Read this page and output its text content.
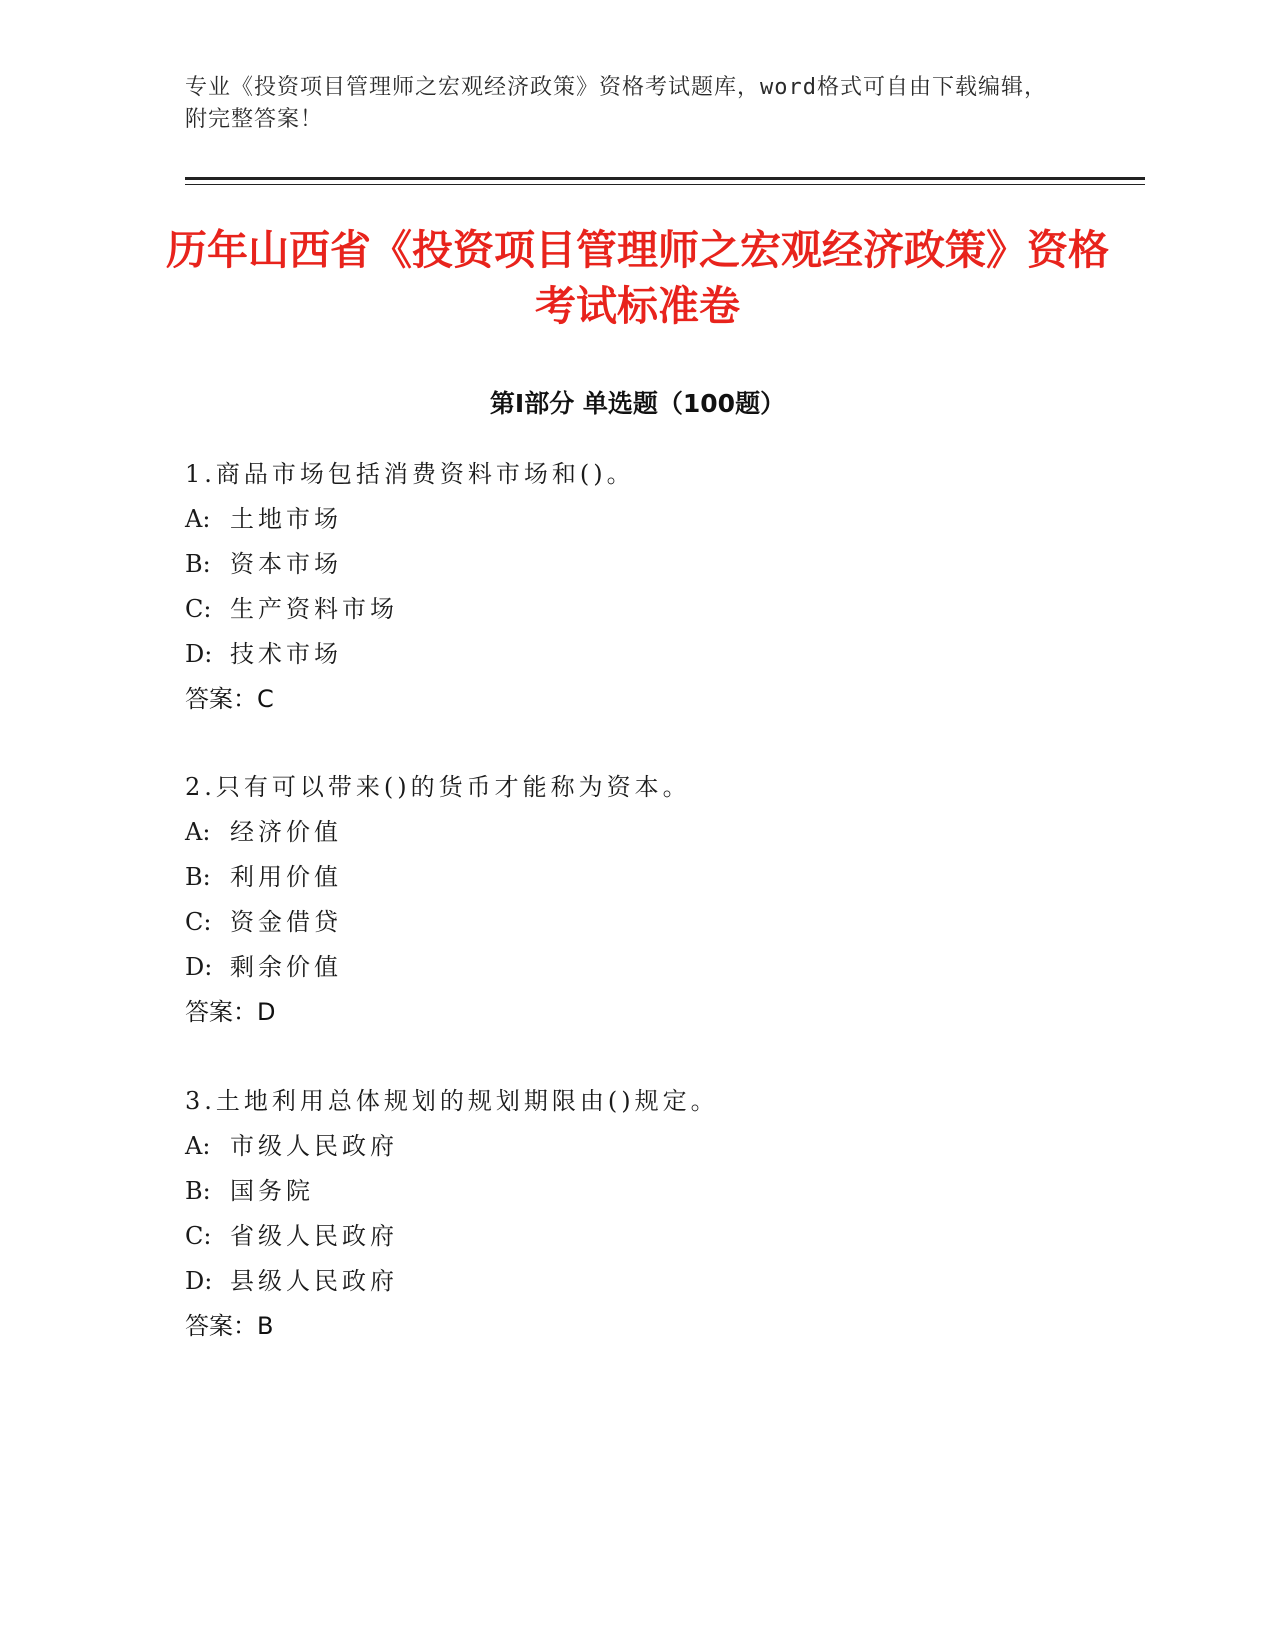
专业《投资项目管理师之宏观经济政策》资格考试题库，word格式可自由下载编辑，附完整答案！
历年山西省《投资项目管理师之宏观经济政策》资格考试标准卷
第Ⅰ部分 单选题（100题）
1.商品市场包括消费资料市场和()。
A: 土地市场
B: 资本市场
C: 生产资料市场
D: 技术市场
答案：C
2.只有可以带来()的货币才能称为资本。
A: 经济价值
B: 利用价值
C: 资金借贷
D: 剩余价值
答案：D
3.土地利用总体规划的规划期限由()规定。
A: 市级人民政府
B: 国务院
C: 省级人民政府
D: 县级人民政府
答案：B
